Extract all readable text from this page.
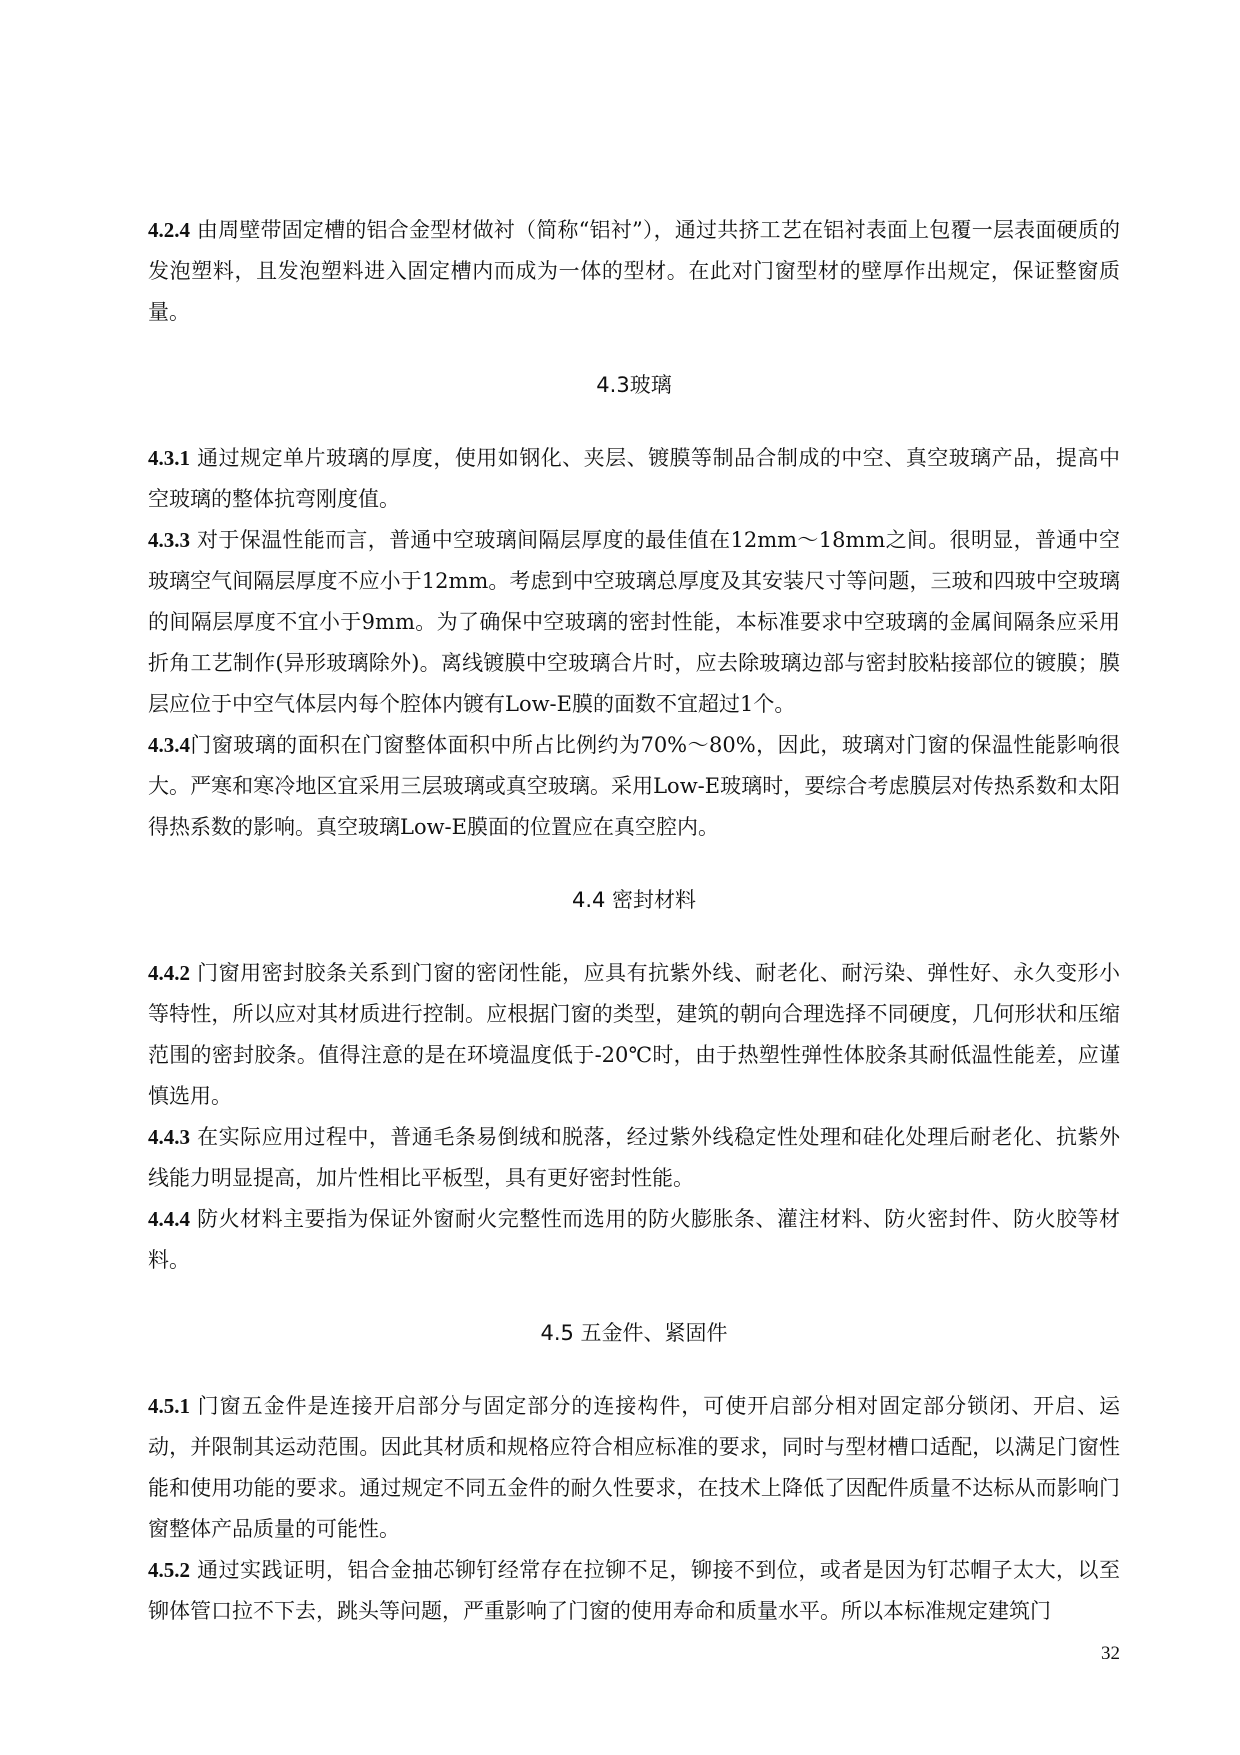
4.2.4 由周壁带固定槽的铝合金型材做衬（简称“铝衬”），通过共挤工艺在铝衬表面上包覆一层表面硬质的发泡塑料，且发泡塑料进入固定槽内而成为一体的型材。在此对门窗型材的壁厚作出规定，保证整窗质量。

4.3玻璃

4.3.1 通过规定单片玻璃的厚度，使用如钢化、夹层、镀膜等制品合制成的中空、真空玻璃产品，提高中空玻璃的整体抗弯刚度值。

4.3.3 对于保温性能而言，普通中空玻璃间隔层厚度的最佳值在12mm～18mm之间。很明显，普通中空玻璃空气间隔层厚度不应小于12mm。考虑到中空玻璃总厚度及其安装尺寸等问题，三玻和四玻中空玻璃的间隔层厚度不宜小于9mm。为了确保中空玻璃的密封性能，本标准要求中空玻璃的金属间隔条应采用折角工艺制作(异形玻璃除外)。离线镀膜中空玻璃合片时，应去除玻璃边部与密封胶粘接部位的镀膜；膜层应位于中空气体层内每个腔体内镀有Low-E膜的面数不宜超过1个。

4.3.4门窗玻璃的面积在门窗整体面积中所占比例约为70%～80%，因此，玻璃对门窗的保温性能影响很大。严寒和寒冷地区宜采用三层玻璃或真空玻璃。采用Low-E玻璃时，要综合考虑膜层对传热系数和太阳得热系数的影响。真空玻璃Low-E膜面的位置应在真空腔内。

4.4 密封材料

4.4.2 门窗用密封胶条关系到门窗的密闭性能，应具有抗紫外线、耐老化、耐污染、弹性好、永久变形小等特性，所以应对其材质进行控制。应根据门窗的类型，建筑的朝向合理选择不同硬度，几何形状和压缩范围的密封胶条。值得注意的是在环境温度低于-20℃时，由于热塑性弹性体胶条其耐低温性能差，应谨慎选用。

4.4.3 在实际应用过程中，普通毛条易倒绒和脱落，经过紫外线稳定性处理和硅化处理后耐老化、抗紫外线能力明显提高，加片性相比平板型，具有更好密封性能。

4.4.4 防火材料主要指为保证外窗耐火完整性而选用的防火膨胀条、灌注材料、防火密封件、防火胶等材料。

4.5 五金件、紧固件

4.5.1 门窗五金件是连接开启部分与固定部分的连接构件，可使开启部分相对固定部分锁闭、开启、运动，并限制其运动范围。因此其材质和规格应符合相应标准的要求，同时与型材槽口适配，以满足门窗性能和使用功能的要求。通过规定不同五金件的耐久性要求，在技术上降低了因配件质量不达标从而影响门窗整体产品质量的可能性。

4.5.2 通过实践证明，铝合金抽芯铆钉经常存在拉铆不足，铆接不到位，或者是因为钉芯帽子太大，以至铆体管口拉不下去，跳头等问题，严重影响了门窗的使用寿命和质量水平。所以本标准规定建筑门

32
